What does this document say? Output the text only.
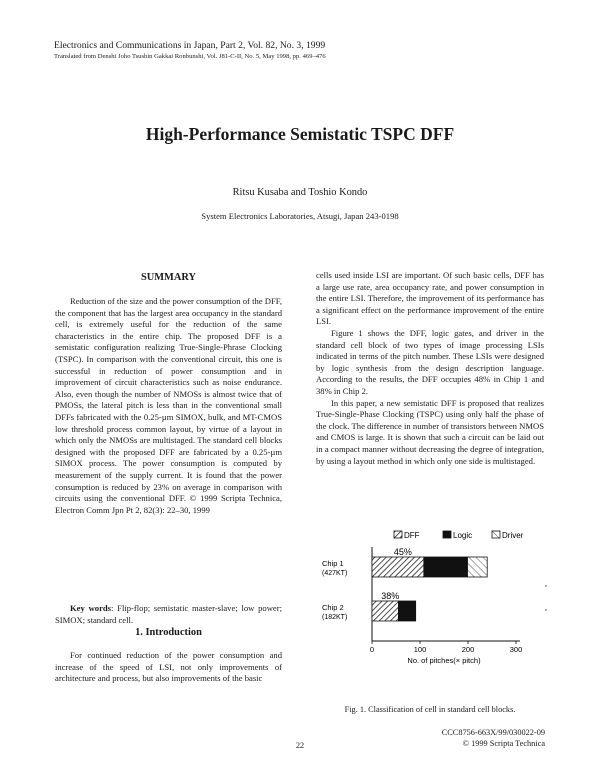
Electronics and Communications in Japan, Part 2, Vol. 82, No. 3, 1999
Translated from Denshi Joho Tsushin Gakkai Ronbunshi, Vol. J81-C-II, No. 5, May 1998, pp. 469–476
High-Performance Semistatic TSPC DFF
Ritsu Kusaba and Toshio Kondo
System Electronics Laboratories, Atsugi, Japan 243-0198
SUMMARY

Reduction of the size and the power consumption of the DFF, the component that has the largest area occupancy in the standard cell, is extremely useful for the reduction of the same characteristics in the entire chip. The proposed DFF is a semistatic configuration realizing True-Single-Phrase Clocking (TSPC). In comparison with the conventional circuit, this one is successful in reduction of power consumption and in improvement of circuit characteristics such as noise endurance. Also, even though the number of NMOSs is almost twice that of PMOSs, the lateral pitch is less than in the conventional small DFFs fabricated with the 0.25-µm SIMOX, bulk, and MT-CMOS low threshold process common layout, by virtue of a layout in which only the NMOSs are multistaged. The standard cell blocks designed with the proposed DFF are fabricated by a 0.25-µm SIMOX process. The power consumption is computed by measurement of the supply current. It is found that the power consumption is reduced by 23% on average in comparison with circuits using the conventional DFF. © 1999 Scripta Technica, Electron Comm Jpn Pt 2, 82(3): 22–30, 1999

Key words: Flip-flop; semistatic master-slave; low power; SIMOX; standard cell.

1. Introduction

For continued reduction of the power consumption and increase of the speed of LSI, not only improvements of architecture and process, but also improvements of the basic

cells used inside LSI are important. Of such basic cells, DFF has a large use rate, area occupancy rate, and power consumption in the entire LSI. Therefore, the improvement of its performance has a significant effect on the performance improvement of the entire LSI.

Figure 1 shows the DFF, logic gates, and driver in the standard cell block of two types of image processing LSIs indicated in terms of the pitch number. These LSIs were designed by logic synthesis from the design description language. According to the results, the DFF occupies 48% in Chip 1 and 38% in Chip 2.

In this paper, a new semistatic DFF is proposed that realizes True-Single-Phase Clocking (TSPC) using only half the phase of the clock. The difference in number of transistors between NMOS and CMOS is large. It is shown that such a circuit can be laid out in a compact manner without decreasing the degree of integration, by using a layout method in which only one side is multistaged.

DFF	Logic	Driver
45%
Chip 1
(427KT)
38%
Chip 2
(182KT)
0	100	200	300
No. of pitches(× pitch)
Fig. 1. Classification of cell in standard cell blocks.
CCC8756-663X/99/030022-09
© 1999 Scripta Technica
22
